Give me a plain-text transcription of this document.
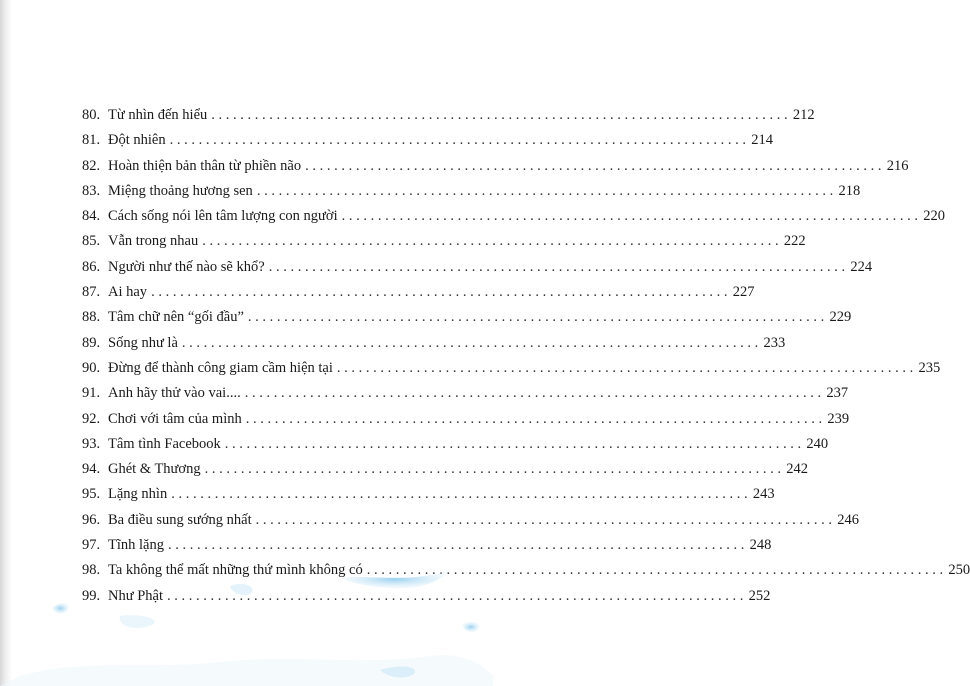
80. Từ nhìn đến hiểu . . .	212
81. Đột nhiên . . .	214
82. Hoàn thiện bản thân từ phiền não . . .	216
83. Miệng thoảng hương sen . . .	218
84. Cách sống nói lên tâm lượng con người . . .	220
85. Vẫn trong nhau . . .	222
86. Người như thế nào sẽ khổ? . . .	224
87. Ai hay . . .	227
88. Tâm chữ nên “gối đầu” . . .	229
89. Sống như là . . .	233
90. Đừng để thành công giam cầm hiện tại . . .	235
91. Anh hãy thử vào vai.... . . .	237
92. Chơi với tâm của mình . . .	239
93. Tâm tình Facebook . . .	240
94. Ghét & Thương . . .	242
95. Lặng nhìn . . .	243
96. Ba điều sung sướng nhất . . .	246
97. Tĩnh lặng . . .	248
98. Ta không thể mất những thứ mình không có . . .	250
99. Như Phật . . .	252
